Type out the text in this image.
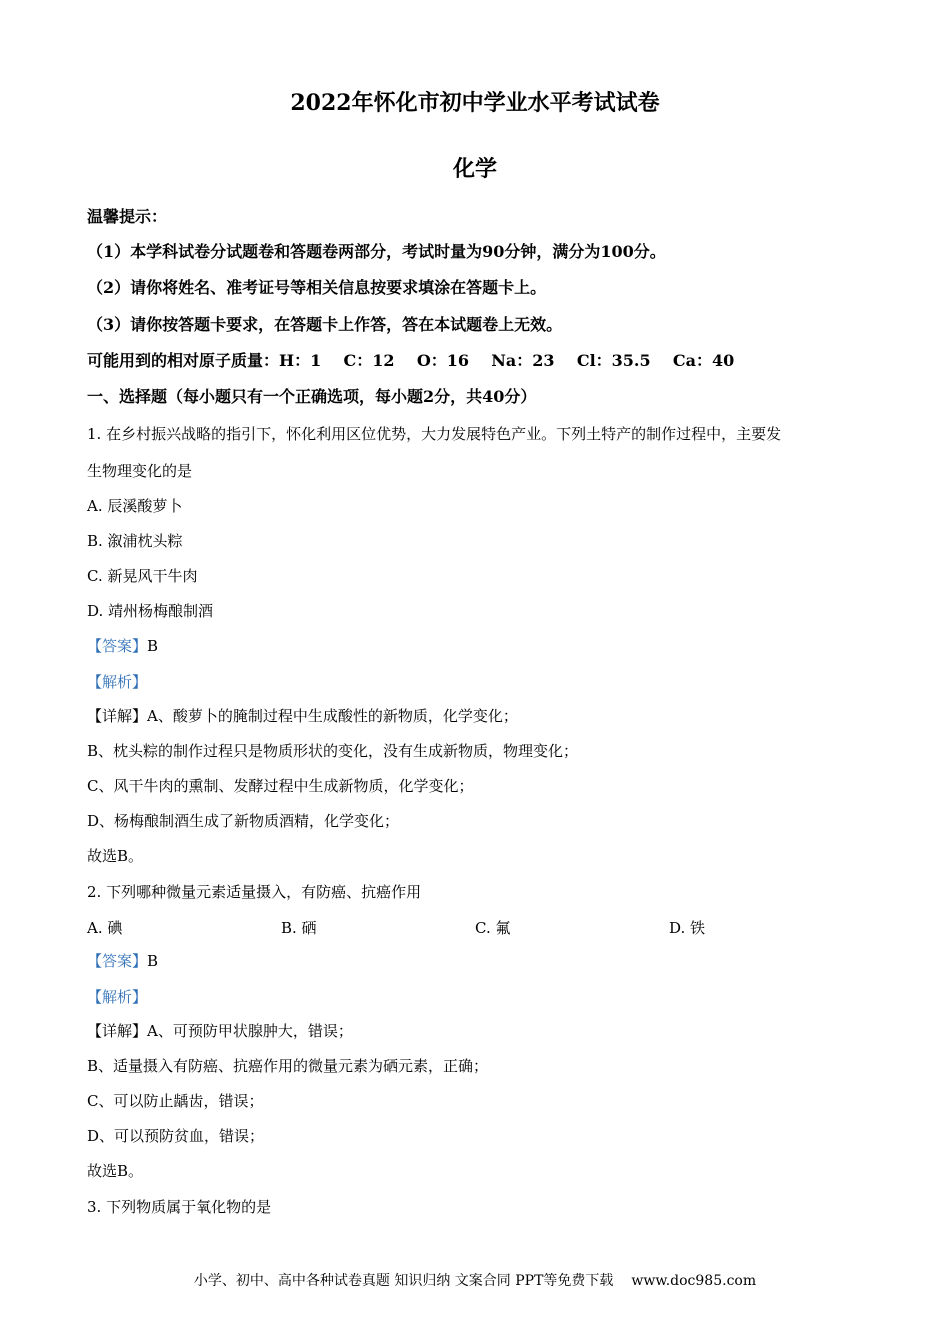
2022年怀化市初中学业水平考试试卷
化学
温馨提示：
（1）本学科试卷分试题卷和答题卷两部分，考试时量为90分钟，满分为100分。
（2）请你将姓名、准考证号等相关信息按要求填涂在答题卡上。
（3）请你按答题卡要求，在答题卡上作答，答在本试题卷上无效。
可能用到的相对原子质量：H：1    C：12    O：16    Na：23    Cl：35.5    Ca：40
一、选择题（每小题只有一个正确选项，每小题2分，共40分）
1. 在乡村振兴战略的指引下，怀化利用区位优势，大力发展特色产业。下列土特产的制作过程中，主要发
生物理变化的是
A. 辰溪酸萝卜
B. 溆浦枕头粽
C. 新晃风干牛肉
D. 靖州杨梅酿制酒
【答案】B
【解析】
【详解】A、酸萝卜的腌制过程中生成酸性的新物质，化学变化；
B、枕头粽的制作过程只是物质形状的变化，没有生成新物质，物理变化；
C、风干牛肉的熏制、发酵过程中生成新物质，化学变化；
D、杨梅酿制酒生成了新物质酒精，化学变化；
故选B。
2. 下列哪种微量元素适量摄入，有防癌、抗癌作用
A. 碘	B. 硒	C. 氟	D. 铁
【答案】B
【解析】
【详解】A、可预防甲状腺肿大，错误；
B、适量摄入有防癌、抗癌作用的微量元素为硒元素，正确；
C、可以防止龋齿，错误；
D、可以预防贫血，错误；
故选B。
3. 下列物质属于氧化物的是
小学、初中、高中各种试卷真题 知识归纳 文案合同 PPT等免费下载 www.doc985.com
